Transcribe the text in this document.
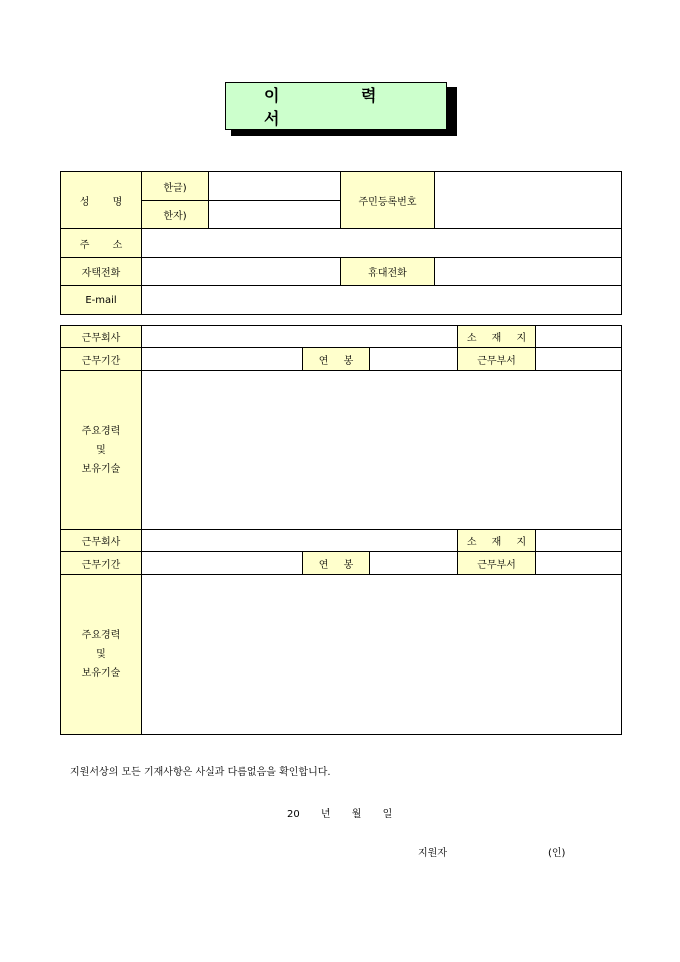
이 력 서
성 명	한글)		주민등록번호	
	한자)			
주 소				
자택전화			휴대전화	
E-mail				
근무회사				소 재 지	
근무기간		연 봉		근무부서	

주요경력
및
보유기술					

근무회사				소 재 지	
근무기간		연 봉		근무부서	

주요경력
및
보유기술					

지원서상의 모든 기재사항은 사실과 다름없음을 확인합니다.
20 년 월 일
지원자	(인)
